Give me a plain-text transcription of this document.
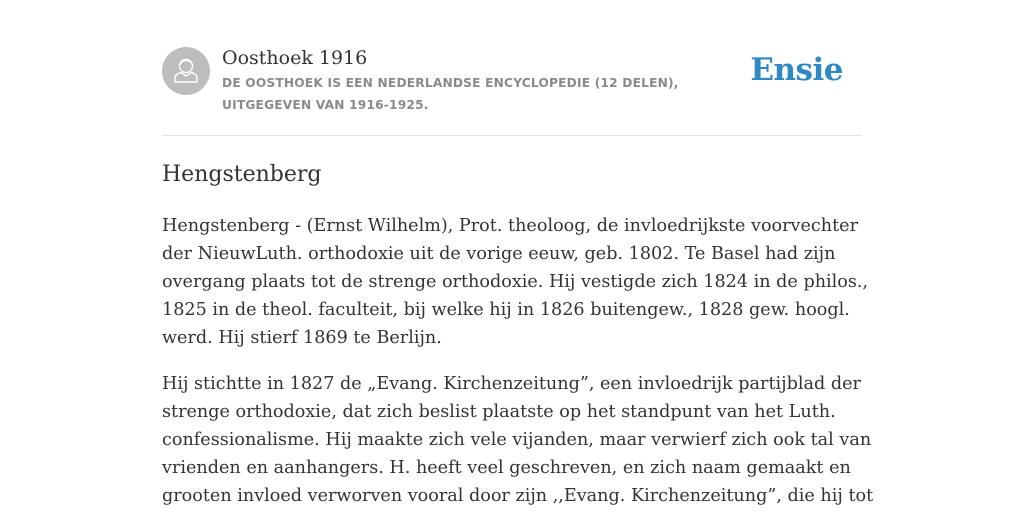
Oosthoek 1916
DE OOSTHOEK IS EEN NEDERLANDSE ENCYCLOPEDIE (12 DELEN), UITGEGEVEN VAN 1916-1925.
Ensie
Hengstenberg

Hengstenberg - (Ernst Wilhelm), Prot. theoloog, de invloedrijkste voorvechter der NieuwLuth. orthodoxie uit de vorige eeuw, geb. 1802. Te Basel had zijn overgang plaats tot de strenge orthodoxie. Hij vestigde zich 1824 in de philos., 1825 in de theol. faculteit, bij welke hij in 1826 buitengew., 1828 gew. hoogl. werd. Hij stierf 1869 te Berlijn.

Hij stichtte in 1827 de „Evang. Kirchenzeitung”, een invloedrijk partijblad der strenge orthodoxie, dat zich beslist plaatste op het standpunt van het Luth. confessionalisme. Hij maakte zich vele vijanden, maar verwierf zich ook tal van vrienden en aanhangers. H. heeft veel geschreven, en zich naam gemaakt en grooten invloed verworven vooral door zijn ,,Evang. Kirchenzeitung”, die hij tot
